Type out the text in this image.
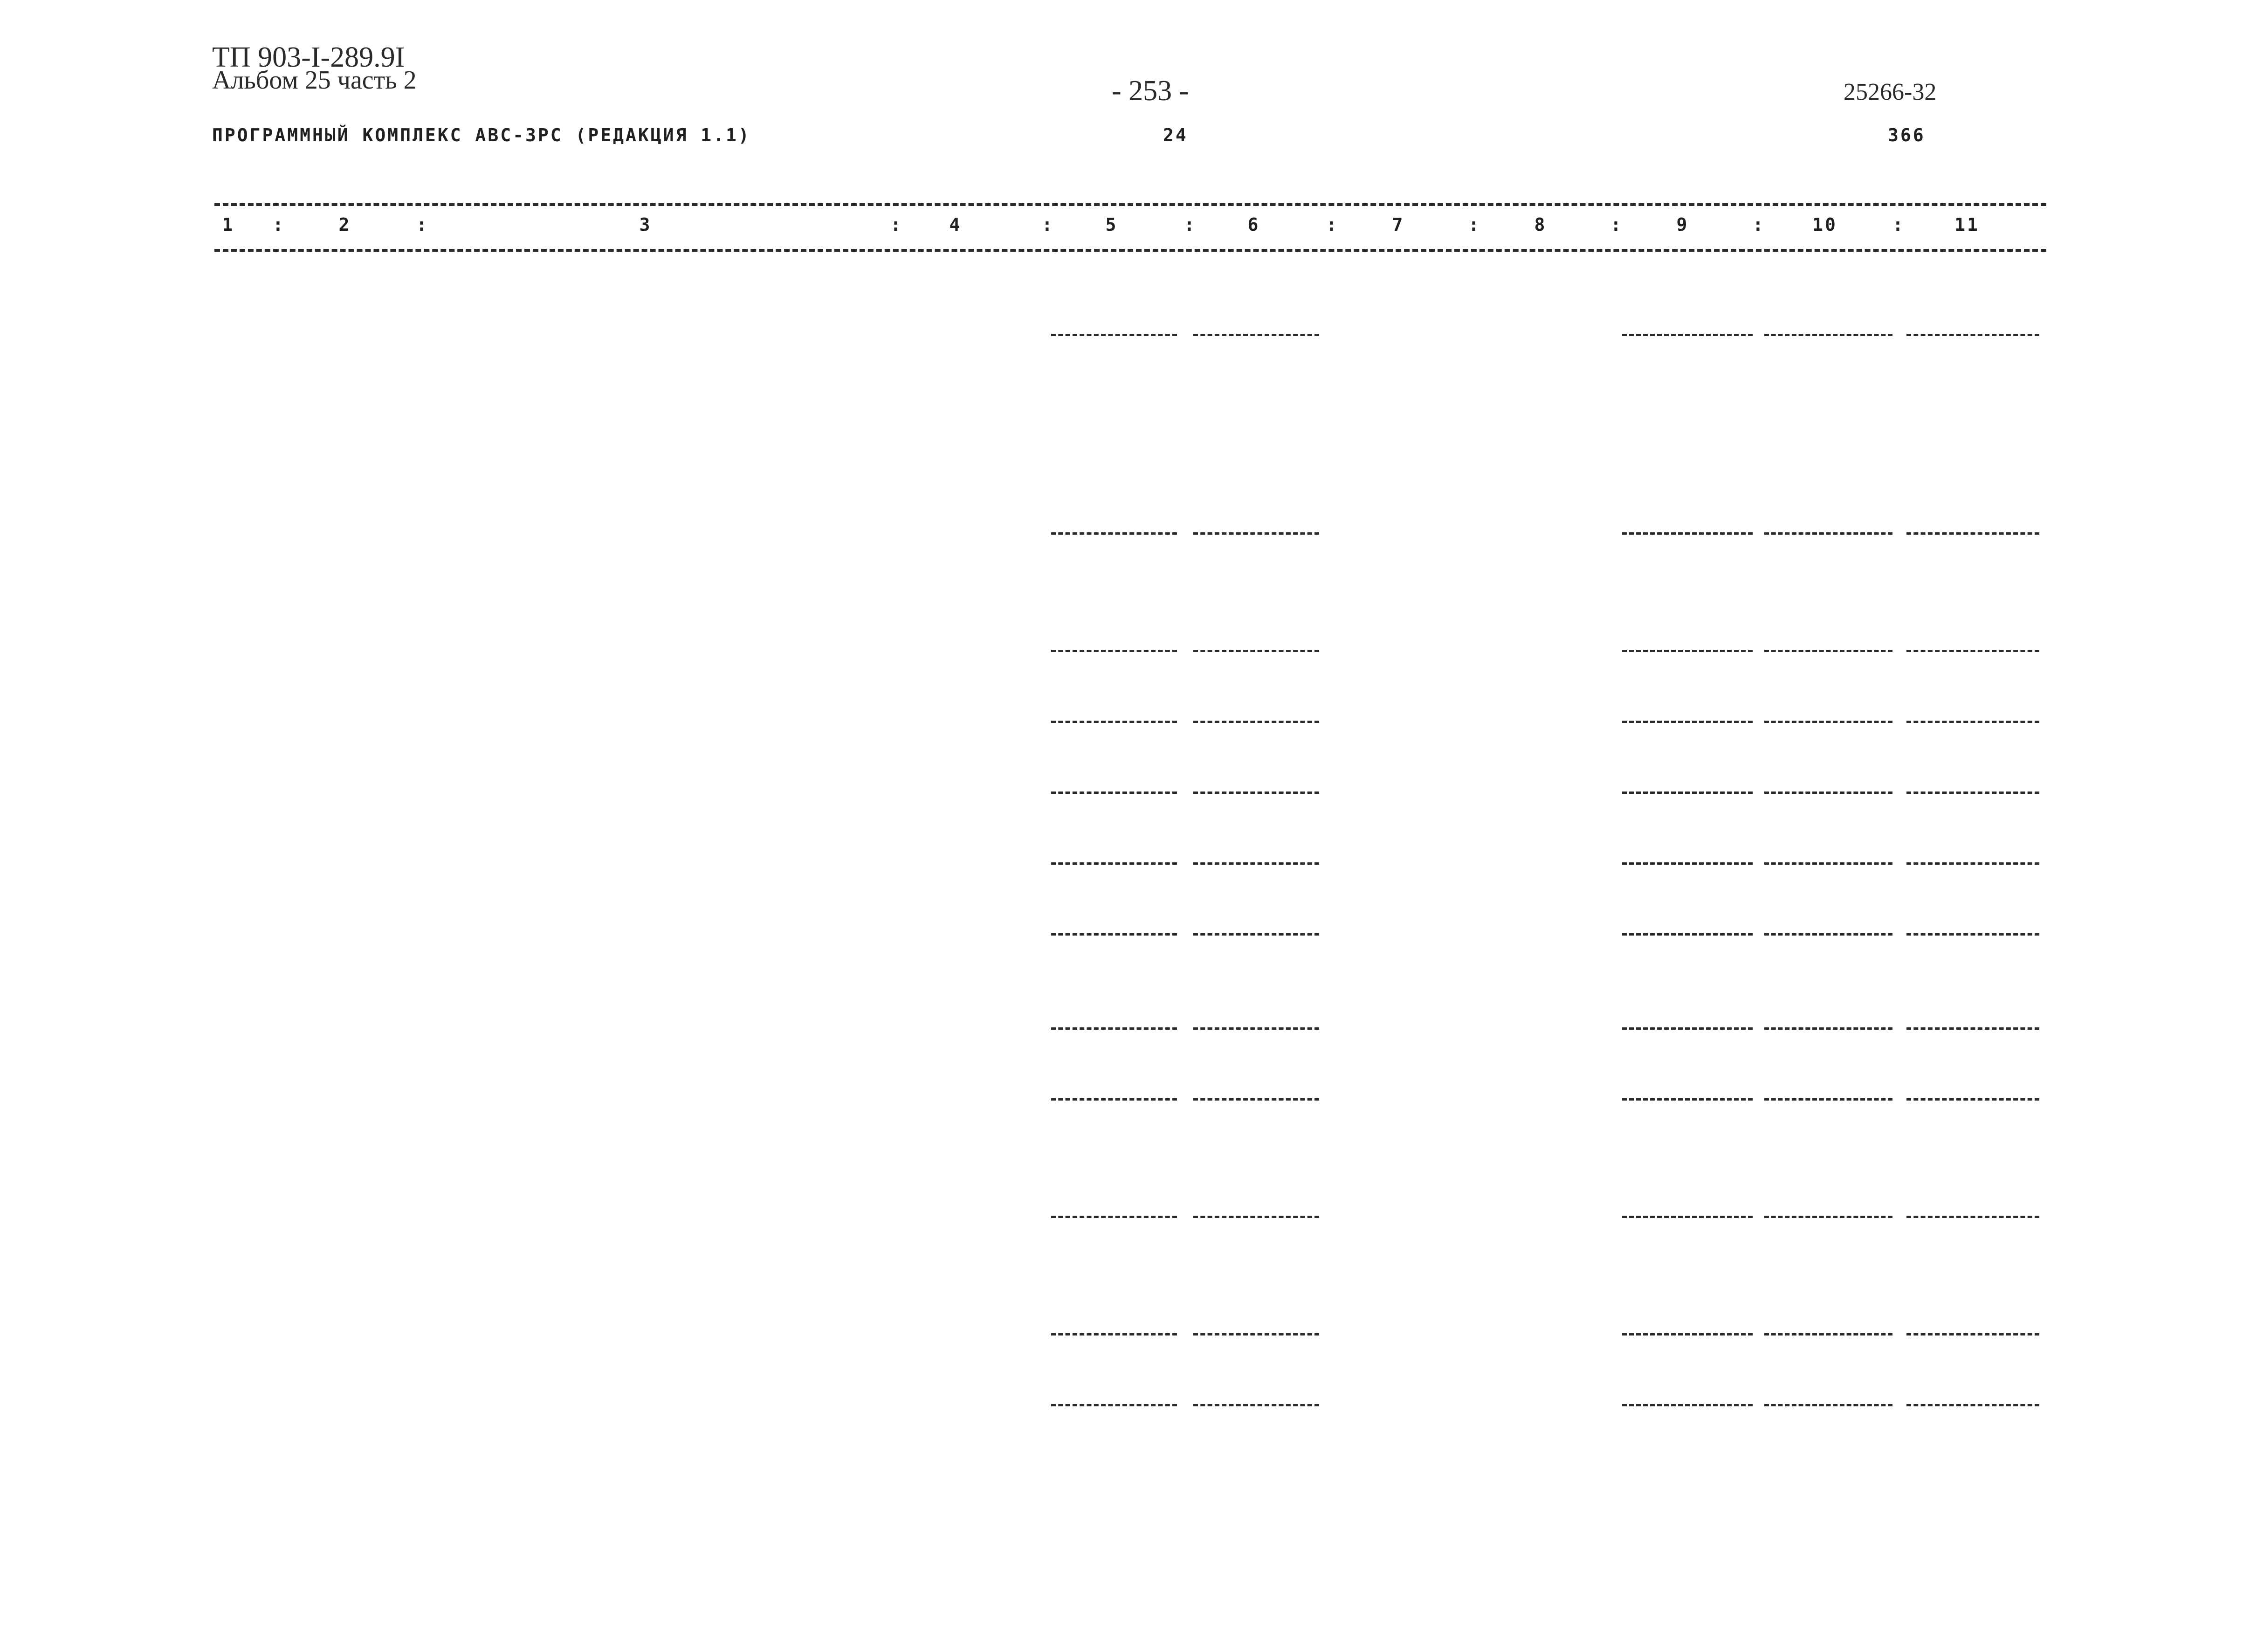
ТП 903-I-289.9I
Альбом 25 часть 2	- 253 -	25266-32
ПРОГРАММНЫЙ КОМПЛЕКС АВС-3РС (РЕДАКЦИЯ 1.1)	24	366
1	2	3	4	5	6	7	8	9	10	11
:	:	:	:	:	:	:	:	:	:
